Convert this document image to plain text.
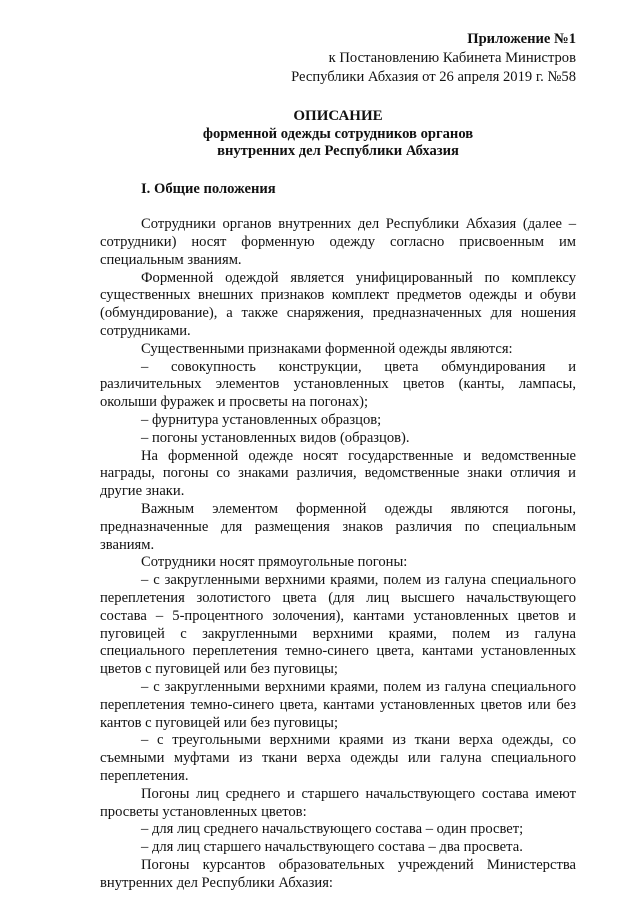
Приложение №1
к Постановлению Кабинета Министров
Республики Абхазия от 26 апреля 2019 г. №58
ОПИСАНИЕ
форменной одежды сотрудников органов
внутренних дел Республики Абхазия
I. Общие положения

Сотрудники органов внутренних дел Республики Абхазия (далее – сотрудники) носят форменную одежду согласно присвоенным им специальным званиям.

Форменной одеждой является унифицированный по комплексу существенных внешних признаков комплект предметов одежды и обуви (обмундирование), а также снаряжения, предназначенных для ношения сотрудниками.

Существенными признаками форменной одежды являются:

– совокупность конструкции, цвета обмундирования и различительных элементов установленных цветов (канты, лампасы, околыши фуражек и просветы на погонах);

– фурнитура установленных образцов;

– погоны установленных видов (образцов).

На форменной одежде носят государственные и ведомственные награды, погоны со знаками различия, ведомственные знаки отличия и другие знаки.

Важным элементом форменной одежды являются погоны, предназначенные для размещения знаков различия по специальным званиям.

Сотрудники носят прямоугольные погоны:

– с закругленными верхними краями, полем из галуна специального переплетения золотистого цвета (для лиц высшего начальствующего состава – 5-процентного золочения), кантами установленных цветов и пуговицей с закругленными верхними краями, полем из галуна специального переплетения темно-синего цвета, кантами установленных цветов с пуговицей или без пуговицы;

– с закругленными верхними краями, полем из галуна специального переплетения темно-синего цвета, кантами установленных цветов или без кантов с пуговицей или без пуговицы;

– с треугольными верхними краями из ткани верха одежды, со съемными муфтами из ткани верха одежды или галуна специального переплетения.

Погоны лиц среднего и старшего начальствующего состава имеют просветы установленных цветов:

– для лиц среднего начальствующего состава – один просвет;

– для лиц старшего начальствующего состава – два просвета.

Погоны курсантов образовательных учреждений Министерства внутренних дел Республики Абхазия:
